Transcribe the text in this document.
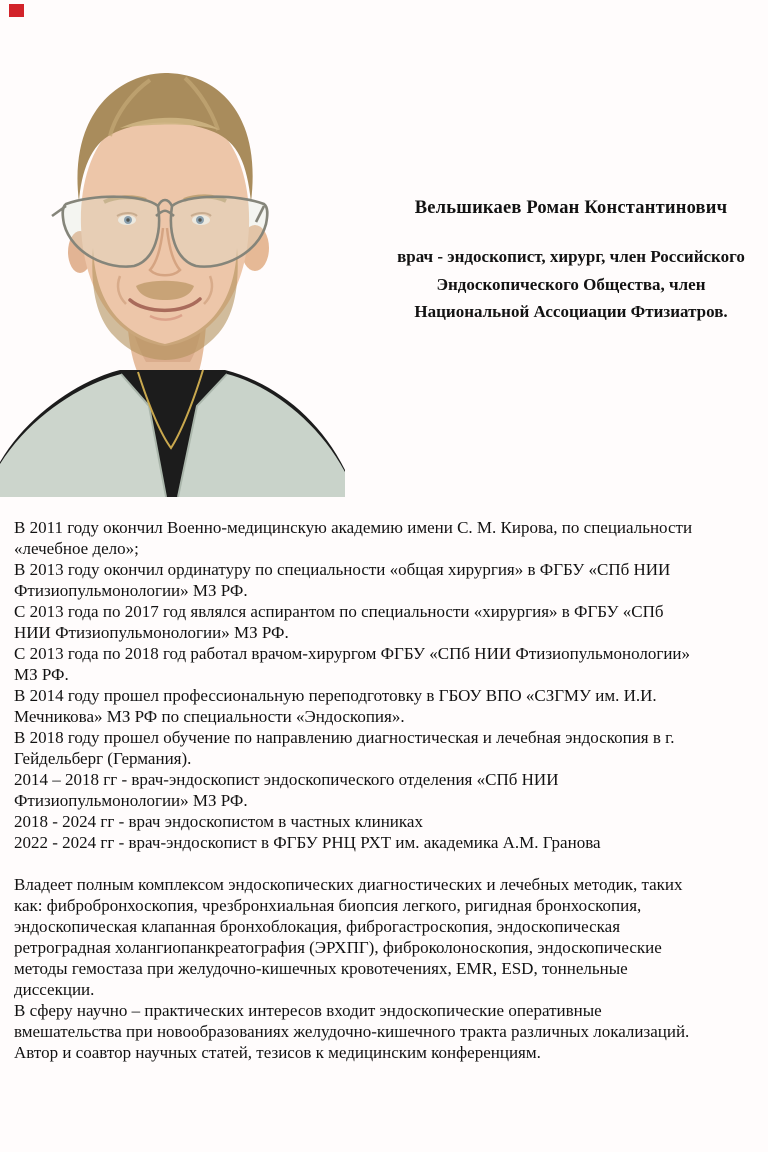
Вельшикаев Роман Константинович

врач - эндоскопист, хирург, член Российского Эндоскопического Общества, член Национальной Ассоциации Фтизиатров.

В 2011 году окончил Военно-медицинскую академию имени С. М. Кирова, по специальности «лечебное дело»;

В 2013 году окончил ординатуру по специальности «общая хирургия» в ФГБУ «СПб НИИ Фтизиопульмонологии» МЗ РФ.

С 2013 года по 2017 год являлся аспирантом по специальности «хирургия» в ФГБУ «СПб НИИ Фтизиопульмонологии» МЗ РФ.

С 2013 года по 2018 год работал врачом-хирургом ФГБУ «СПб НИИ Фтизиопульмонологии» МЗ РФ.

В 2014 году прошел профессиональную переподготовку в ГБОУ ВПО «СЗГМУ им. И.И. Мечникова» МЗ РФ по специальности «Эндоскопия».

В 2018 году прошел обучение по направлению диагностическая и лечебная эндоскопия в г. Гейдельберг (Германия).

2014 – 2018 гг - врач-эндоскопист эндоскопического отделения «СПб НИИ Фтизиопульмонологии» МЗ РФ.

2018 - 2024 гг - врач эндоскопистом в частных клиниках

2022 - 2024 гг - врач-эндоскопист в ФГБУ РНЦ РХТ им. академика А.М. Гранова

Владеет полным комплексом эндоскопических диагностических и лечебных методик, таких как: фибробронхоскопия, чрезбронхиальная биопсия легкого, ригидная бронхоскопия, эндоскопическая клапанная бронхоблокация, фиброгастроскопия, эндоскопическая ретроградная холангиопанкреатография (ЭРХПГ), фиброколоноскопия, эндоскопические методы гемостаза при желудочно-кишечных кровотечениях, EMR, ESD, тоннельные диссекции.

В сферу научно – практических интересов входит эндоскопические оперативные вмешательства при новообразованиях желудочно-кишечного тракта различных локализаций.

Автор и соавтор научных статей, тезисов к медицинским конференциям.
